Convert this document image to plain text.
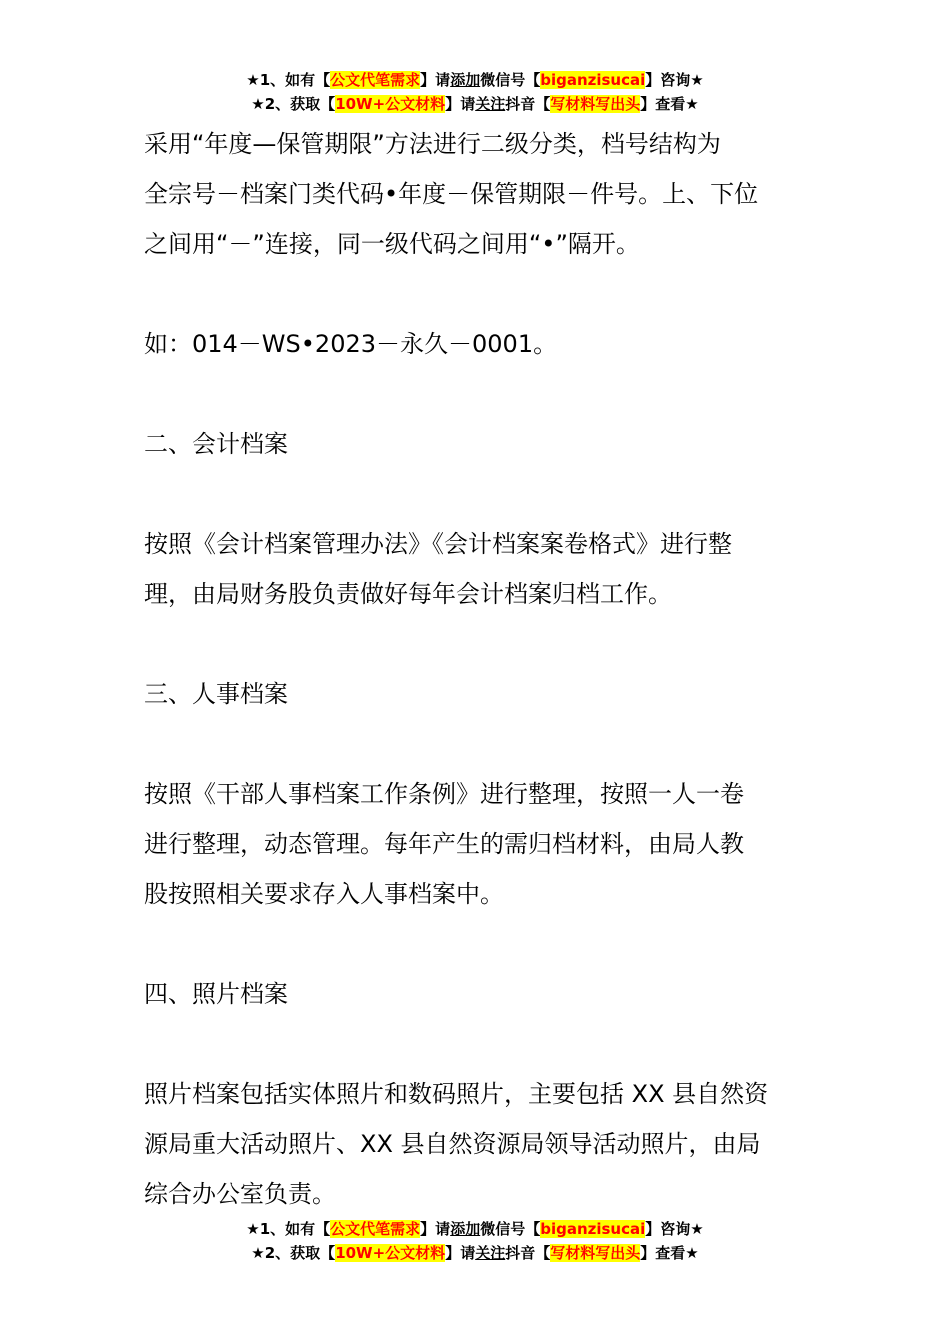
★1、如有【公文代笔需求】请添加微信号【biganzisucai】咨询★
★2、获取【10W+公文材料】请关注抖音【写材料写出头】查看★

采用“年度—保管期限”方法进行二级分类，档号结构为

全宗号－档案门类代码•年度－保管期限－件号。上、下位

之间用“－”连接，同一级代码之间用“•”隔开。

如：014－WS•2023－永久－0001。

二、会计档案

按照《会计档案管理办法》《会计档案案卷格式》进行整

理，由局财务股负责做好每年会计档案归档工作。

三、人事档案

按照《干部人事档案工作条例》进行整理，按照一人一卷

进行整理，动态管理。每年产生的需归档材料，由局人教

股按照相关要求存入人事档案中。

四、照片档案

照片档案包括实体照片和数码照片，主要包括 XX 县自然资

源局重大活动照片、XX 县自然资源局领导活动照片，由局

综合办公室负责。

★1、如有【公文代笔需求】请添加微信号【biganzisucai】咨询★
★2、获取【10W+公文材料】请关注抖音【写材料写出头】查看★
